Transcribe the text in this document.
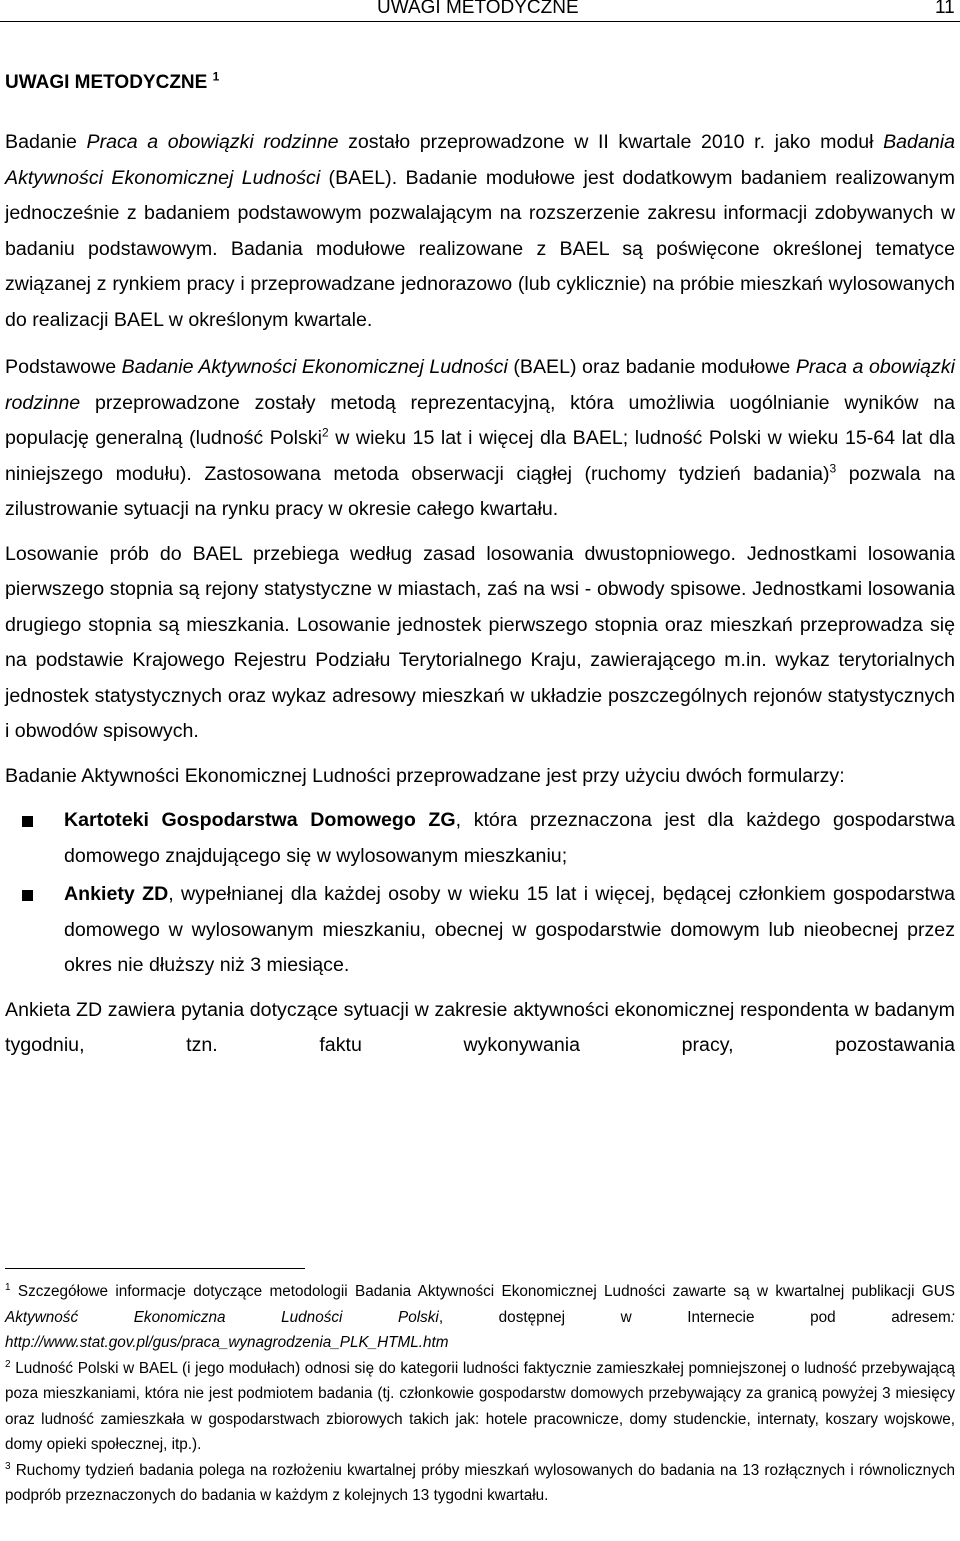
UWAGI METODYCZNE	11
UWAGI METODYCZNE $^1$

Badanie Praca a obowiązki rodzinne zostało przeprowadzone w II kwartale 2010 r. jako moduł Badania Aktywności Ekonomicznej Ludności (BAEL). Badanie modułowe jest dodatkowym badaniem realizowanym jednocześnie z badaniem podstawowym pozwalającym na rozszerzenie zakresu informacji zdobywanych w badaniu podstawowym. Badania modułowe realizowane z BAEL są poświęcone określonej tematyce związanej z rynkiem pracy i przeprowadzane jednorazowo (lub cyklicznie) na próbie mieszkań wylosowanych do realizacji BAEL w określonym kwartale.

Podstawowe Badanie Aktywności Ekonomicznej Ludności (BAEL) oraz badanie modułowe Praca a obowiązki rodzinne przeprowadzone zostały metodą reprezentacyjną, która umożliwia uogólnianie wyników na populację generalną (ludność Polski$^2$ w wieku 15 lat i więcej dla BAEL; ludność Polski w wieku 15-64 lat dla niniejszego modułu). Zastosowana metoda obserwacji ciągłej (ruchomy tydzień badania)$^3$ pozwala na zilustrowanie sytuacji na rynku pracy w okresie całego kwartału.

Losowanie prób do BAEL przebiega według zasad losowania dwustopniowego. Jednostkami losowania pierwszego stopnia są rejony statystyczne w miastach, zaś na wsi - obwody spisowe. Jednostkami losowania drugiego stopnia są mieszkania. Losowanie jednostek pierwszego stopnia oraz mieszkań przeprowadza się na podstawie Krajowego Rejestru Podziału Terytorialnego Kraju, zawierającego m.in. wykaz terytorialnych jednostek statystycznych oraz wykaz adresowy mieszkań w układzie poszczególnych rejonów statystycznych i obwodów spisowych.

Badanie Aktywności Ekonomicznej Ludności przeprowadzane jest przy użyciu dwóch formularzy:

Kartoteki Gospodarstwa Domowego ZG, która przeznaczona jest dla każdego gospodarstwa domowego znajdującego się w wylosowanym mieszkaniu;

Ankiety ZD, wypełnianej dla każdej osoby w wieku 15 lat i więcej, będącej członkiem gospodarstwa domowego w wylosowanym mieszkaniu, obecnej w gospodarstwie domowym lub nieobecnej przez okres nie dłuższy niż 3 miesiące.

Ankieta ZD zawiera pytania dotyczące sytuacji w zakresie aktywności ekonomicznej respondenta w badanym tygodniu, tzn. faktu wykonywania pracy, pozostawania

$^1$ Szczegółowe informacje dotyczące metodologii Badania Aktywności Ekonomicznej Ludności zawarte są w kwartalnej publikacji GUS Aktywność Ekonomiczna Ludności Polski, dostępnej w Internecie pod adresem: http://www.stat.gov.pl/gus/praca_wynagrodzenia_PLK_HTML.htm

$^2$ Ludność Polski w BAEL (i jego modułach) odnosi się do kategorii ludności faktycznie zamieszkałej pomniejszonej o ludność przebywającą poza mieszkaniami, która nie jest podmiotem badania (tj. członkowie gospodarstw domowych przebywający za granicą powyżej 3 miesięcy oraz ludność zamieszkała w gospodarstwach zbiorowych takich jak: hotele pracownicze, domy studenckie, internaty, koszary wojskowe, domy opieki społecznej, itp.).

$^3$ Ruchomy tydzień badania polega na rozłożeniu kwartalnej próby mieszkań wylosowanych do badania na 13 rozłącznych i równolicznych podprób przeznaczonych do badania w każdym z kolejnych 13 tygodni kwartału.
